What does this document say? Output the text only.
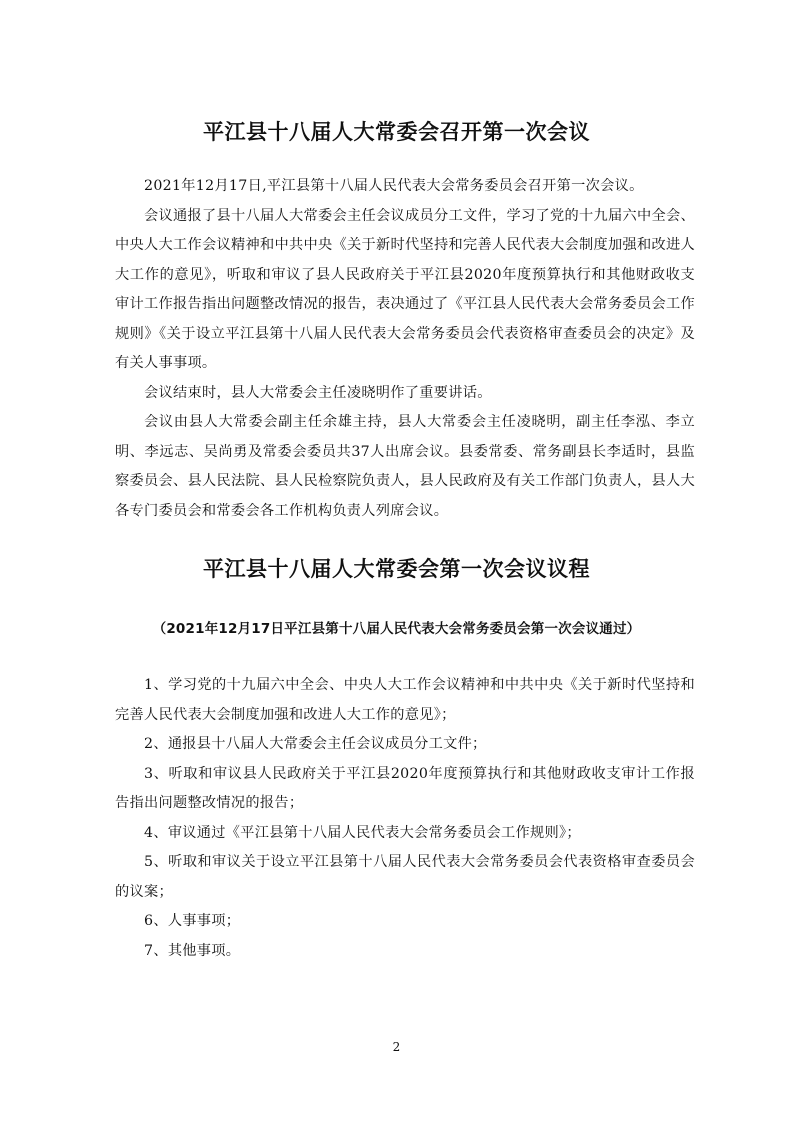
平江县十八届人大常委会召开第一次会议

2021年12月17日,平江县第十八届人民代表大会常务委员会召开第一次会议。

会议通报了县十八届人大常委会主任会议成员分工文件，学习了党的十九届六中全会、中央人大工作会议精神和中共中央《关于新时代坚持和完善人民代表大会制度加强和改进人大工作的意见》，听取和审议了县人民政府关于平江县2020年度预算执行和其他财政收支审计工作报告指出问题整改情况的报告，表决通过了《平江县人民代表大会常务委员会工作规则》《关于设立平江县第十八届人民代表大会常务委员会代表资格审查委员会的决定》及有关人事事项。

会议结束时，县人大常委会主任凌晓明作了重要讲话。

会议由县人大常委会副主任余雄主持，县人大常委会主任凌晓明，副主任李泓、李立明、李远志、吴尚勇及常委会委员共37人出席会议。县委常委、常务副县长李适时，县监察委员会、县人民法院、县人民检察院负责人，县人民政府及有关工作部门负责人，县人大各专门委员会和常委会各工作机构负责人列席会议。

平江县十八届人大常委会第一次会议议程

（2021年12月17日平江县第十八届人民代表大会常务委员会第一次会议通过）

1、学习党的十九届六中全会、中央人大工作会议精神和中共中央《关于新时代坚持和完善人民代表大会制度加强和改进人大工作的意见》；

2、通报县十八届人大常委会主任会议成员分工文件；

3、听取和审议县人民政府关于平江县2020年度预算执行和其他财政收支审计工作报告指出问题整改情况的报告；

4、审议通过《平江县第十八届人民代表大会常务委员会工作规则》；

5、听取和审议关于设立平江县第十八届人民代表大会常务委员会代表资格审查委员会的议案；

6、人事事项；

7、其他事项。

2
